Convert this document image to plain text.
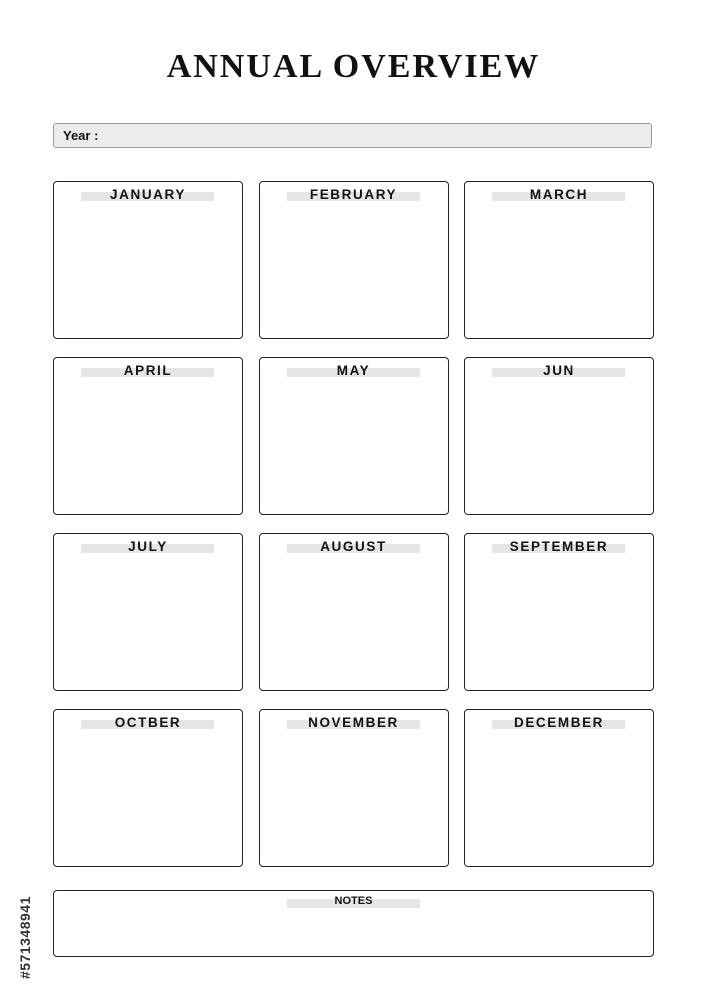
ANNUAL OVERVIEW
Year :
JANUARY	FEBRUARY	MARCH
APRIL	MAY	JUN
JULY	AUGUST	SEPTEMBER
OCTBER	NOVEMBER	DECEMBER
NOTES
#571348941
